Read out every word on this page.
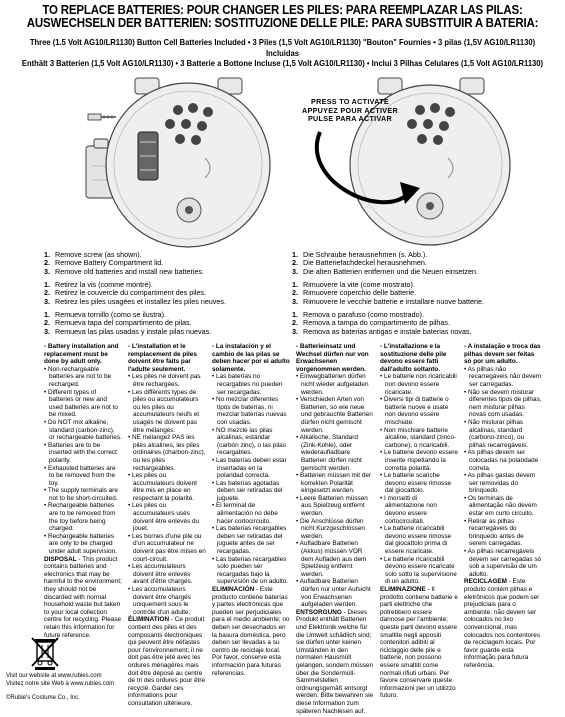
TO REPLACE BATTERIES: POUR CHANGER LES PILES: PARA REEMPLAZAR LAS PILAS:
AUSWECHSELN DER BATTERIEN: SOSTITUZIONE DELLE PILE: PARA SUBSTITUIR A BATERIA:
Three (1.5 Volt AG10/LR1130) Button Cell Batteries Included • 3 Piles (1,5 Volt AG10/LR1130) "Bouton" Fournies • 3 pilas (1,5V AG10/LR1130) Incluidas
Enthält 3 Batterien (1,5 Volt AG10/LR1130) • 3 Batterie a Bottone Incluse (1,5 Volt AG10/LR1130) • Inclui 3 Pilhas Celulares (1,5 Volt AG10/LR1130)
PRESS TO ACTIVATE
APPUYEZ POUR ACTIVER
PULSE PARA ACTIVAR
1. Remove screw (as shown).
2. Remove Battery Compartment lid.
3. Remove old batteries and install new batteries.
1. Retirez la vis (comme montré).
2. Retirez le couvercle du compartiment des piles.
3. Retirez les piles usagées et installez les piles neuves.
1. Remueva tornillo (como se ilustra).
2. Remueva tapa del compartimento de pilas.
3. Remueva las pilas usadas y instale pilas nuevas.
1. Die Schraube herausnehmen (s. Abb.).
2. Die Batteriefachdeckel herausnehmen.
3. Die alten Batterien entfernen und die Neuen einsetzen.
1. Rimuovere la vite (come mostrato).
2. Rimuovere coperchio delle batterie.
3. Rimuovere le vecchie batterie e installare nuove batterie.
1. Remova o parafuso (como mostrado).
2. Remova a tampa do compartimento de pilhas.
3. Remova as baterias antigas e instale baterias novas.
- Battery installation and replacement must be done by adult only.
• Non-rechargeable batteries are not to be recharged.
• Different types of batteries or new and used batteries are not to be mixed.
• Do NOT mix alkaline, standard (carbon-zinc), or rechargeable batteries.
• Batteries are to be inserted with the correct polarity.
• Exhausted batteries are to be removed from the toy.
• The supply terminals are not to be short-circuited.
• Rechargeable batteries are to be removed from the toy before being charged.
• Rechargeable batteries are only to be charged under adult supervision.
DISPOSAL - This product contains batteries and electronics that may be harmful to the environment; they should not be discarded with normal household waste but taken to your local collection centre for recycling. Please retain this information for future reference.
- L'installation et le remplacement de piles doivent être faits par l'adulte seulement.
• Les piles ne doivent pas être rechargées.
• Les différents types de piles ou accumulateurs ou les piles ou accumulateurs neufs et usagés ne doivent pas être mélangés.
• NE mélangez PAS les piles alcalines, les piles ordinaires (charbon-zinc), ou les piles rechargeables.
• Les piles ou accumulateurs doivent être mis en place en respectant la polarité.
• Les piles ou accumulateurs usés doivent être enlevés du jouet.
• Les bornes d'une pile ou d'un accumulateur ne doivent pas être mises en court-circuit.
• Les accumulateurs doivent être enlevés avant d'être chargés.
• Les accumulateurs doivent être chargés uniquement sous le contrôle d'un adulte.
ÉLIMINATION - Ce produit contient des piles et des composants électroniques qui peuvent être néfastes pour l'environnement; il ne doit pas être jeté avec les ordures ménagères mais doit être déposé au centre de tri des ordures pour être recyclé. Garder ces informations pour consultation ultérieure.
- La instalación y el cambio de las pilas se deben hacer por el adulto solamente.
• Las baterías no recargables no pueden ser recargadas.
• No mezclar diferentes tipos de baterías, ni mezclar baterías nuevas con usadas.
• NO mezcle las pilas alcalinas, estándar (carbón zinc), o las pilas recargables.
• Las baterías deben estar insertadas en la polaridad correcta.
• Las baterías agotadas deben ser retiradas del juguete.
• El terminal de alimentación no debe hacer cortocircuito.
• Las baterías recargables deben ser retiradas del juguete antes de ser recargadas.
• Las baterías recargables solo pueden ser recargadas bajo la supervisión de un adulto.
ELIMINACIÓN - Este producto contiene baterías y partes electrónicas que pueden ser perjudiciales para el medio ambiente; no deben ser desechados en la basura doméstica, pero deben ser llevadas a su centro de reciclaje local. Por favor, conserve esta información para futuras referencias.
- Batterieinsatz und Wechsel dürfen nur von Erwachsenen vorgenommen werden.
• Einwegbatterien dürfen nicht wieder aufgeladen werden.
• Verschieden Arten von Batterien, so wie neue und gebrauchte Batterien dürfen nicht gemischt werden.
• Alkalische, Standard (Zink-Kohle), oder wiederaufladbare Batterien dürfen nicht gemischt werden.
• Batterien müssen mit der korrekten Polarität eingesetzt werden.
• Leere Batterien müssen aus Spielzeug entfernt werden.
• Die Anschlüsse dürfen nicht Kurzgeschlossen werden.
• Aufladbare Batterien (Akkus) müssen VOR dem Aufladen aus dem Spielzeug entfernt werden.
• Aufladbare Batterien dürfen nur unter Aufsicht von Erwachsenen aufgeladen werden.
ENTSORGUNG - Dieses Produkt enthält Batterien und Elektronik welche für die Umwelt schädlich sind; sie dürfen unter keinen Umständen in den normalen Hausmüll gelangen, sondern müssen über die Sondermüll-Sammelstellen ordnungsgemäß entsorgt werden. Bitte bewahren sie diese Information zum späteren Nachlesen auf.
- L'installazione e la sostituzione delle pile devono essere fatti dall'adulto soltanto.
• Le batterie non ricaricabili non devono essere ricaricate.
• Diversi tipi di batterie o batterie nuove e usate non devono essere mischiate.
• Non mischiare batterie alcaline, standard (zinco-carbone), o ricaricabili.
• Le batterie devono essere inserite rispettando la corretta polarità.
• Le batterie scariche devono essere rimosse dal giocattolo.
• I morsetti di alimentazione non devono essere cortocircuitati.
• Le batterie ricaricabili devono essere rimosse dal giocattolo prima di essere ricaricate.
• Le batterie ricaricabili devono essere ricaricate solo sotto la supervisione di un adulto.
ELIMINAZIONE - Il prodotto contiene batterie e parti elettriche che potrebbero essere dannose per l'ambiente; queste parti devono essere smaltite negli appositi contenitori adibiti al riciclaggio delle pile e batterie, non possono essere smaltiti come normali rifiuti urbani. Per favore conservare queste informazioni per un utilizzo futuro.
- A instalação e troca das pilhas devem ser feitas só por um adulto.
• As pilhas não recarregáveis não devem ser carregadas.
• Não se devem misturar diferentes tipos de pilhas, nem misturar pilhas novas com usadas.
• Não misturar pilhas alcalinas, standard (carbono-zinco), ou pilhas recarregáveis.
• As pilhas devem ser colocadas na polaridade correta.
• As pilhas gastas devem ser removidas do brinquedo.
• Os terminais de alimentação não devem estar em curto circuito.
• Retirar as pilhas recarregáveis do brinquedo antes de serem carregadas.
• As pilhas recarregáveis devem ser carregadas só sob a supervisão de um adulto.
RECICLAGEM - Este produto contém pilhas e eletrônicos que podem ser prejudiciais para o ambiente; não devem ser colocados no lixo convencional, mas colocados nos contentores de reciclagem locais. Por favor guarde esta informação para futura referência.
Visit our website at www.rubies.com
Visitez notre site Web à www.rubies.com
©Rubie's Costume Co., Inc.
